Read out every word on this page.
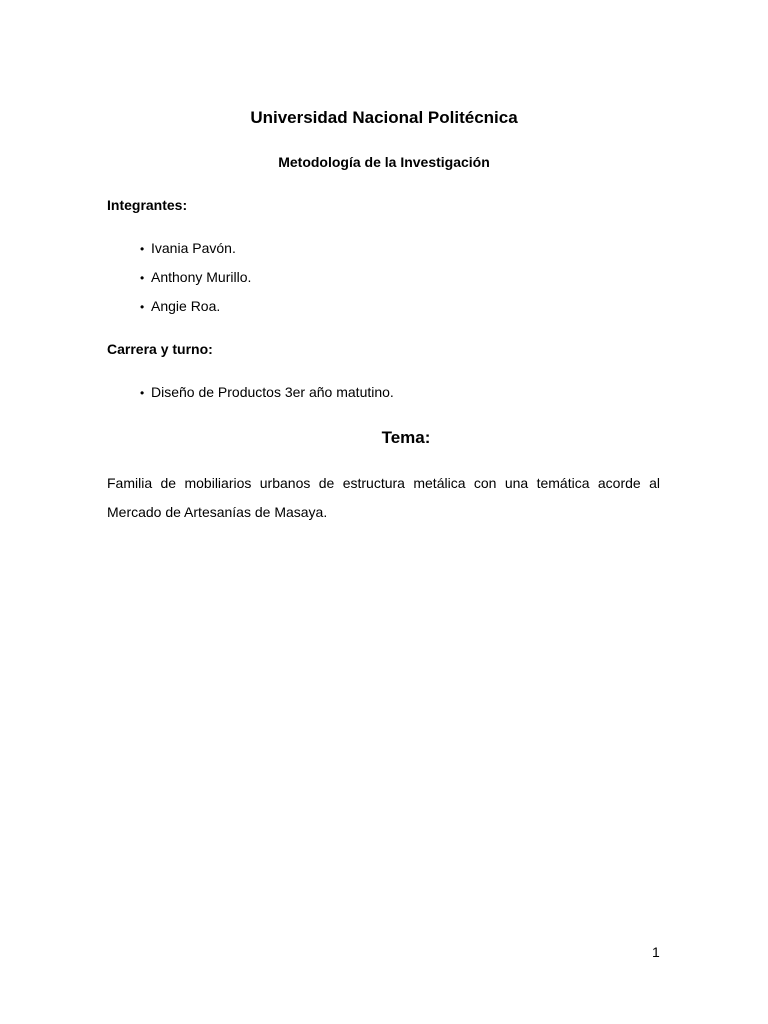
Universidad Nacional Politécnica
Metodología de la Investigación
Integrantes:
• Ivania Pavón.
• Anthony Murillo.
• Angie Roa.
Carrera y turno:
• Diseño de Productos 3er año matutino.
Tema:
Familia de mobiliarios urbanos de estructura metálica con una temática acorde al Mercado de Artesanías de Masaya.
1
